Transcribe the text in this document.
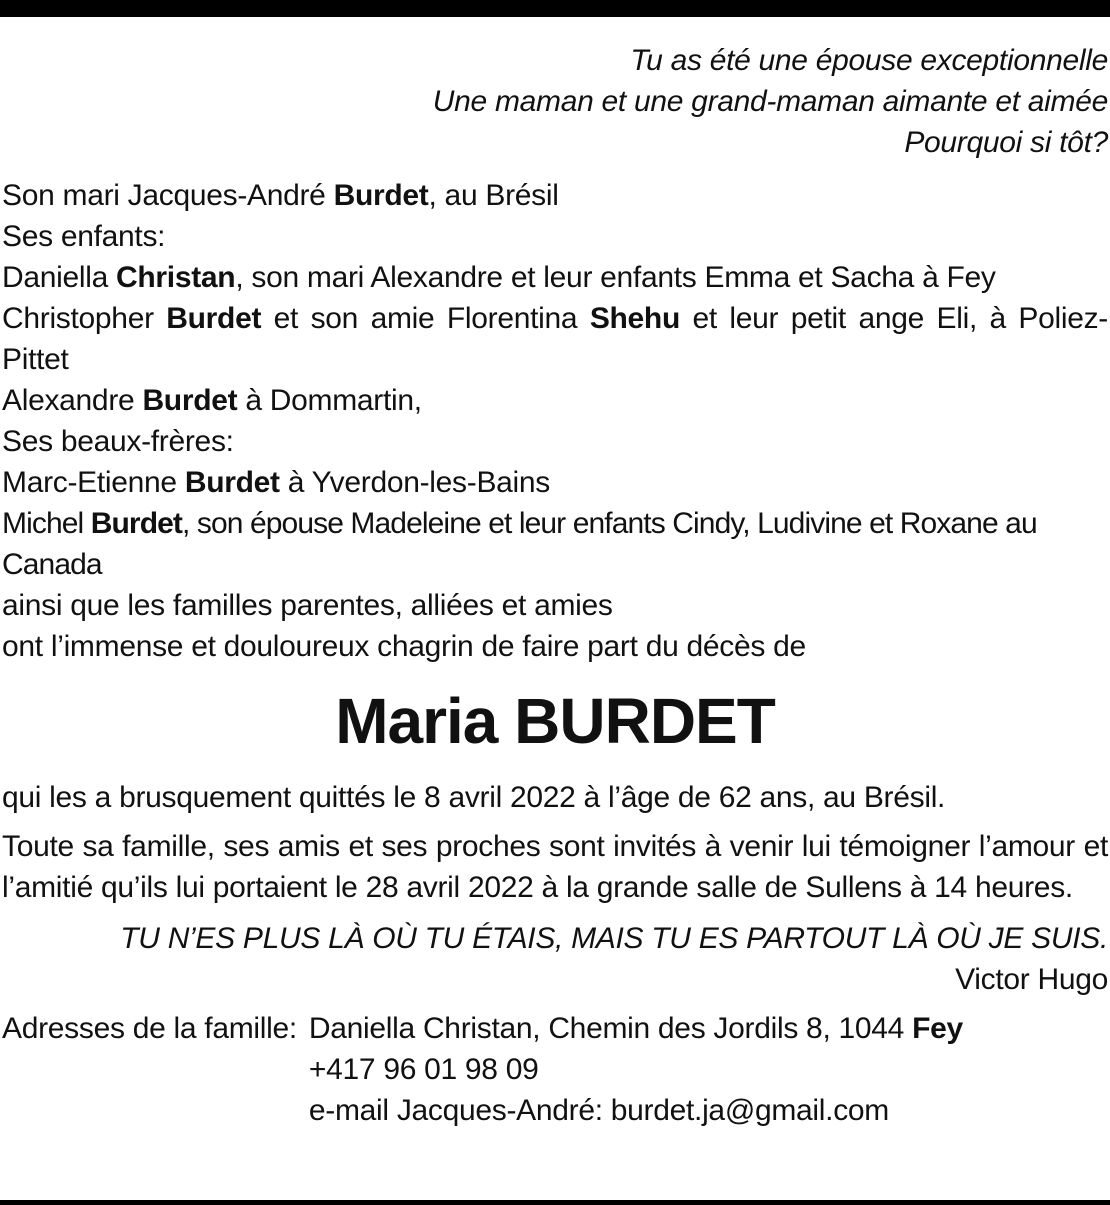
Tu as été une épouse exceptionnelle
Une maman et une grand-maman aimante et aimée
Pourquoi si tôt?
Son mari Jacques-André Burdet, au Brésil
Ses enfants:
Daniella Christan, son mari Alexandre et leur enfants Emma et Sacha à Fey
Christopher Burdet et son amie Florentina Shehu et leur petit ange Eli, à Poliez-Pittet
Alexandre Burdet à Dommartin,
Ses beaux-frères:
Marc-Etienne Burdet à Yverdon-les-Bains
Michel Burdet, son épouse Madeleine et leur enfants Cindy, Ludivine et Roxane au Canada
ainsi que les familles parentes, alliées et amies
ont l’immense et douloureux chagrin de faire part du décès de
Maria BURDET
qui les a brusquement quittés le 8 avril 2022 à l’âge de 62 ans, au Brésil.
Toute sa famille, ses amis et ses proches sont invités à venir lui témoigner l’amour et l’amitié qu’ils lui portaient le 28 avril 2022 à la grande salle de Sullens à 14 heures.
TU N’ES PLUS LÀ OÙ TU ÉTAIS, MAIS TU ES PARTOUT LÀ OÙ JE SUIS.
Victor Hugo
Adresses de la famille: Daniella Christan, Chemin des Jordils 8, 1044 Fey
+417 96 01 98 09
e-mail Jacques-André: burdet.ja@gmail.com
